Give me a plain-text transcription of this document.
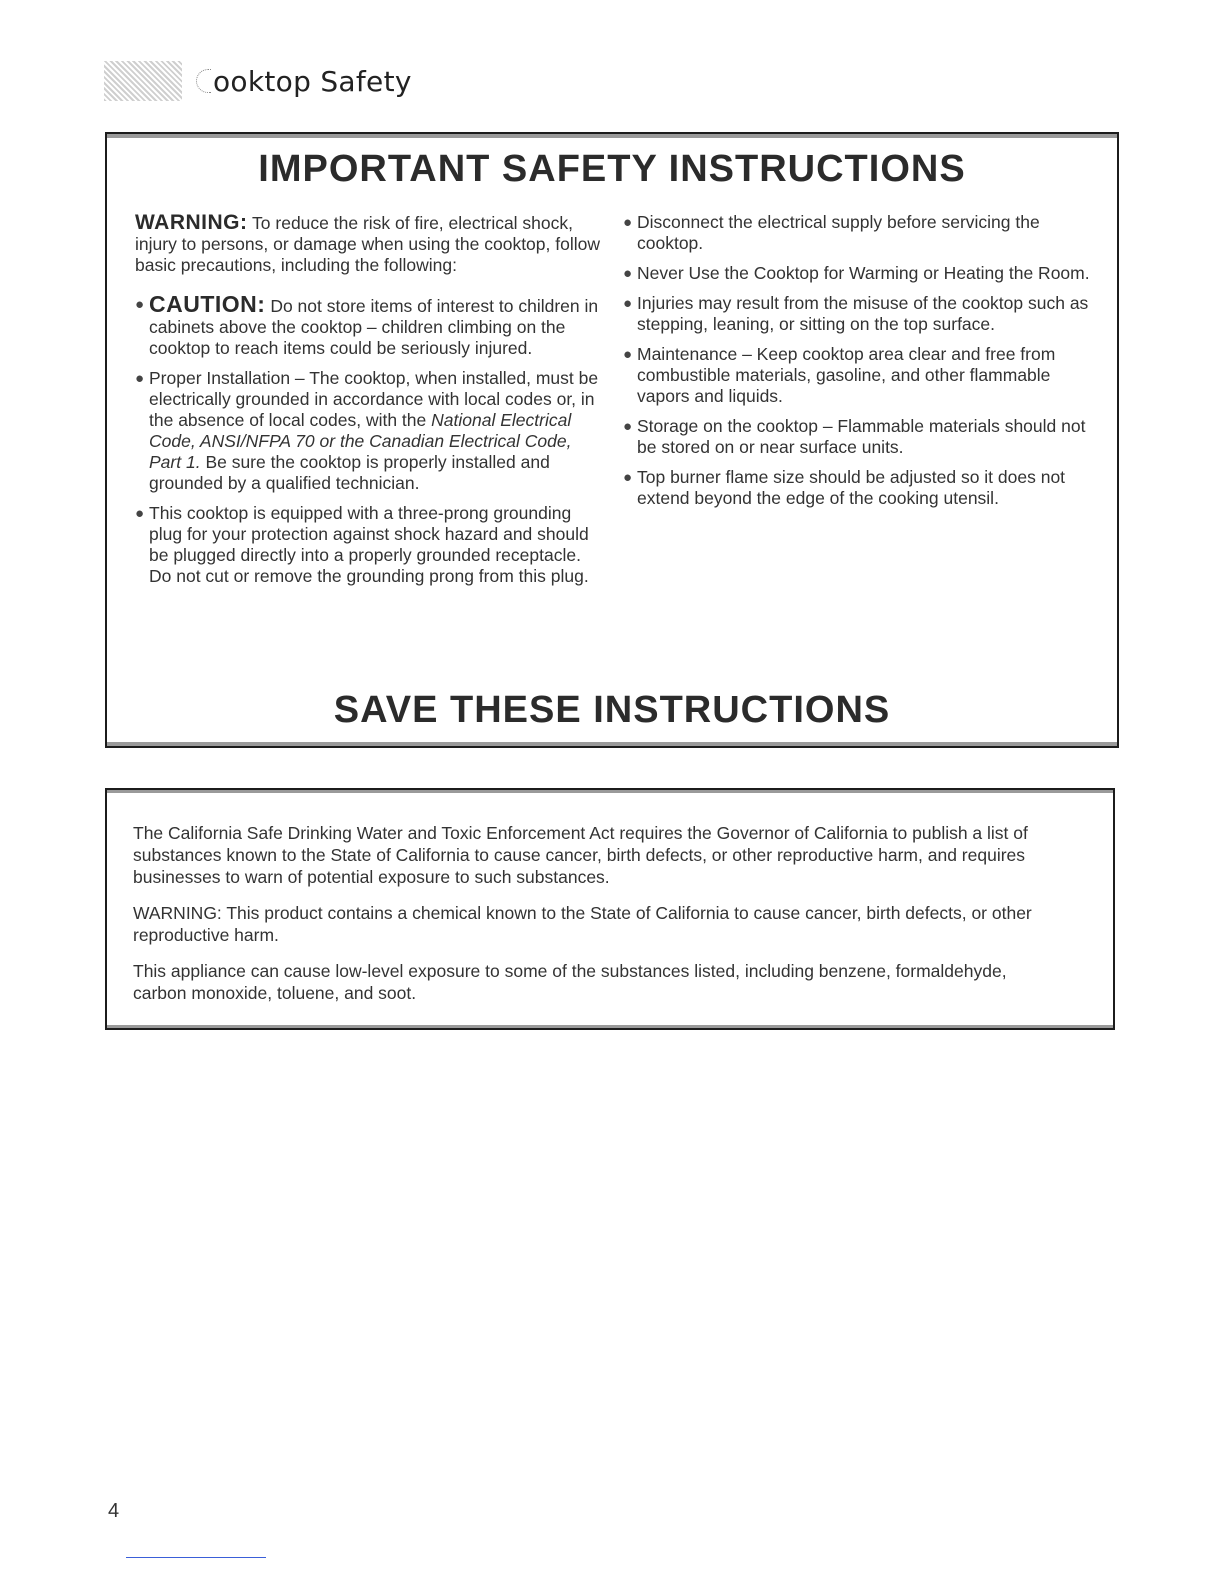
ooktop Safety
IMPORTANT SAFETY INSTRUCTIONS

WARNING: To reduce the risk of fire, electrical shock, injury to persons, or damage when using the cooktop, follow basic precautions, including the following:

● CAUTION: Do not store items of interest to children in cabinets above the cooktop – children climbing on the cooktop to reach items could be seriously injured.
● Proper Installation – The cooktop, when installed, must be electrically grounded in accordance with local codes or, in the absence of local codes, with the National Electrical Code, ANSI/NFPA 70 or the Canadian Electrical Code, Part 1. Be sure the cooktop is properly installed and grounded by a qualified technician.
● This cooktop is equipped with a three-prong grounding plug for your protection against shock hazard and should be plugged directly into a properly grounded receptacle. Do not cut or remove the grounding prong from this plug.
● Disconnect the electrical supply before servicing the cooktop.
● Never Use the Cooktop for Warming or Heating the Room.
● Injuries may result from the misuse of the cooktop such as stepping, leaning, or sitting on the top surface.
● Maintenance – Keep cooktop area clear and free from combustible materials, gasoline, and other flammable vapors and liquids.
● Storage on the cooktop – Flammable materials should not be stored on or near surface units.
● Top burner flame size should be adjusted so it does not extend beyond the edge of the cooking utensil.
SAVE THESE INSTRUCTIONS

The California Safe Drinking Water and Toxic Enforcement Act requires the Governor of California to publish a list of substances known to the State of California to cause cancer, birth defects, or other reproductive harm, and requires businesses to warn of potential exposure to such substances.

WARNING: This product contains a chemical known to the State of California to cause cancer, birth defects, or other reproductive harm.

This appliance can cause low-level exposure to some of the substances listed, including benzene, formaldehyde, carbon monoxide, toluene, and soot.

4
